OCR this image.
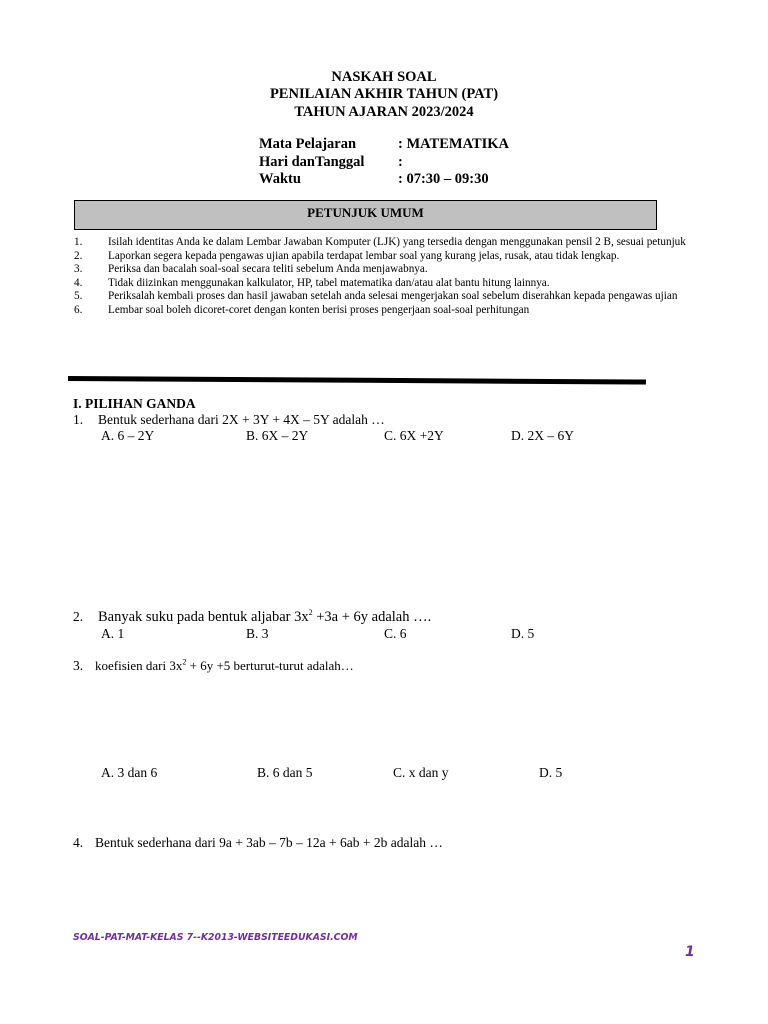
NASKAH SOAL
PENILAIAN AKHIR TAHUN (PAT)
TAHUN AJARAN 2023/2024
Mata Pelajaran	: MATEMATIKA
Hari danTanggal :
Waktu	: 07:30 – 09:30
PETUNJUK UMUM
1. Isilah identitas Anda ke dalam Lembar Jawaban Komputer (LJK) yang tersedia dengan menggunakan pensil 2 B, sesuai petunjuk
2. Laporkan segera kepada pengawas ujian apabila terdapat lembar soal yang kurang jelas, rusak, atau tidak lengkap.
3. Periksa dan bacalah soal-soal secara teliti sebelum Anda menjawabnya.
4. Tidak diizinkan menggunakan kalkulator, HP, tabel matematika dan/atau alat bantu hitung lainnya.
5. Periksalah kembali proses dan hasil jawaban setelah anda selesai mengerjakan soal sebelum diserahkan kepada pengawas ujian
6. Lembar soal boleh dicoret-coret dengan konten berisi proses pengerjaan soal-soal perhitungan
I. PILIHAN GANDA
1. Bentuk sederhana dari 2X + 3Y + 4X – 5Y adalah …
A. 6 – 2Y	B. 6X – 2Y	C. 6X +2Y	D. 2X – 6Y
2. Banyak suku pada bentuk aljabar $3x^2 +3a + 6y$ adalah ….
A. 1	B. 3	C. 6	D. 5
3. koefisien dari $3x^2 + 6y +5$ berturut-turut adalah…
A. 3 dan 6	B. 6 dan 5	C. x dan y	D. 5
4. Bentuk sederhana dari 9a + 3ab – 7b – 12a + 6ab + 2b adalah …
SOAL-PAT-MAT-KELAS 7--K2013-WEBSITEEDUKASI.COM
1
